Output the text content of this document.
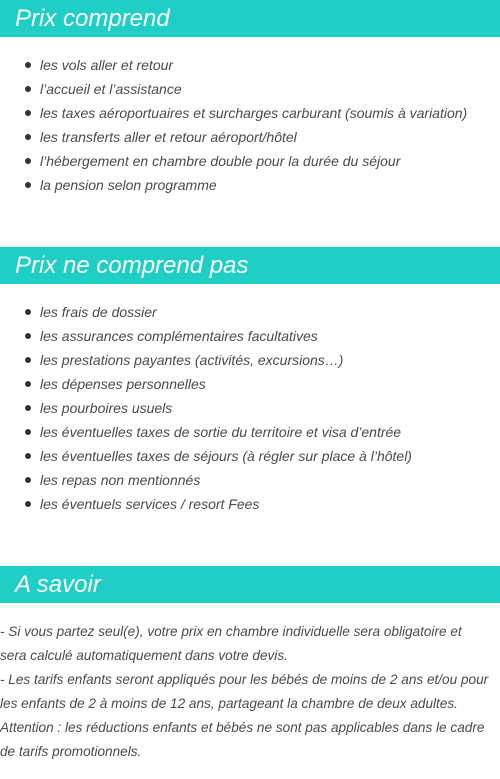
Prix comprend
les vols aller et retour
l’accueil et l’assistance
les taxes aéroportuaires et surcharges carburant (soumis à variation)
les transferts aller et retour aéroport/hôtel
l’hébergement en chambre double pour la durée du séjour
la pension selon programme
Prix ne comprend pas
les frais de dossier
les assurances complémentaires facultatives
les prestations payantes (activités, excursions…)
les dépenses personnelles
les pourboires usuels
les éventuelles taxes de sortie du territoire et visa d’entrée
les éventuelles taxes de séjours (à régler sur place à l’hôtel)
les repas non mentionnés
les éventuels services / resort Fees
A savoir

- Si vous partez seul(e), votre prix en chambre individuelle sera obligatoire et

sera calculé automatiquement dans votre devis.

- Les tarifs enfants seront appliqués pour les bébés de moins de 2 ans et/ou pour

les enfants de 2 à moins de 12 ans, partageant la chambre de deux adultes.

Attention : les réductions enfants et bébés ne sont pas applicables dans le cadre

de tarifs promotionnels.
